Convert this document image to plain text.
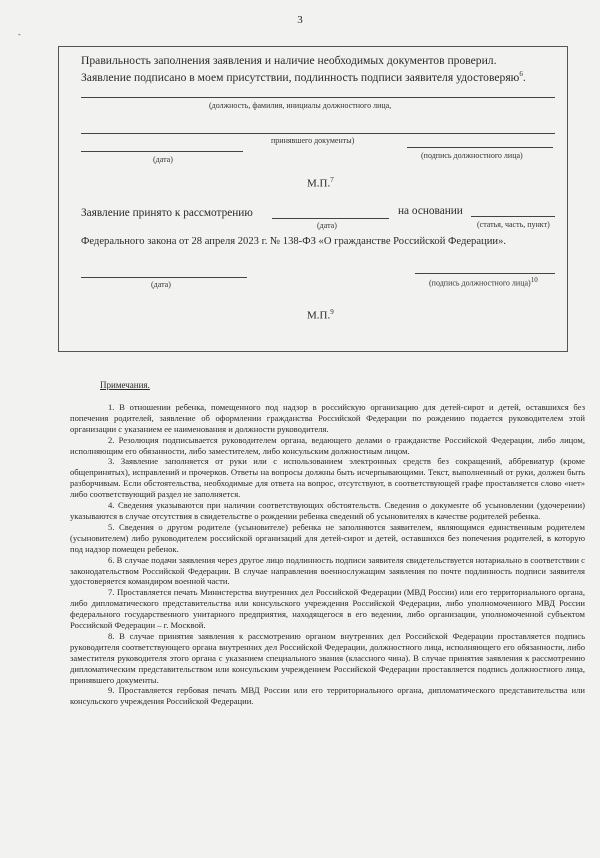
-
3
Правильность заполнения заявления и наличие необходимых документов проверил.
Заявление подписано в моем присутствии, подлинность подписи заявителя удостоверяю$^6$.
(должность, фамилия, инициалы должностного лица,
принявшего документы)
(дата)	(подпись должностного лица)
М.П.$^7$
Заявление принято к рассмотрению
(дата)
на основании
(статья, часть, пункт)
Федерального закона от 28 апреля 2023 г. № 138-ФЗ «О гражданстве Российской Федерации».
(дата)	(подпись должностного лица)10
М.П.$^9$
Примечания.

1. В отношении ребенка, помещенного под надзор в российскую организацию для детей-сирот и детей, оставшихся без попечения родителей, заявление об оформлении гражданства Российской Федерации по рождению подается руководителем этой организации с указанием ее наименования и должности руководителя.

2. Резолюция подписывается руководителем органа, ведающего делами о гражданстве Российской Федерации, либо лицом, исполняющим его обязанности, либо заместителем, либо консульским должностным лицом.

3. Заявление заполняется от руки или с использованием электронных средств без сокращений, аббревиатур (кроме общепринятых), исправлений и прочерков. Ответы на вопросы должны быть исчерпывающими. Текст, выполненный от руки, должен быть разборчивым. Если обстоятельства, необходимые для ответа на вопрос, отсутствуют, в соответствующей графе проставляется слово «нет» либо соответствующий раздел не заполняется.

4. Сведения указываются при наличии соответствующих обстоятельств. Сведения о документе об усыновлении (удочерении) указываются в случае отсутствия в свидетельстве о рождении ребенка сведений об усыновителях в качестве родителей ребенка.

5. Сведения о другом родителе (усыновителе) ребенка не заполняются заявителем, являющимся единственным родителем (усыновителем) либо руководителем российской организаций для детей-сирот и детей, оставшихся без попечения родителей, в которую под надзор помещен ребенок.

6. В случае подачи заявления через другое лицо подлинность подписи заявителя свидетельствуется нотариально в соответствии с законодательством Российской Федерации. В случае направления военнослужащим заявления по почте подлинность подписи заявителя удостоверяется командиром военной части.

7. Проставляется печать Министерства внутренних дел Российской Федерации (МВД России) или его территориального органа, либо дипломатического представительства или консульского учреждения Российской Федерации, либо уполномоченного МВД России федерального государственного унитарного предприятия, находящегося в его ведении, либо организации, уполномоченной субъектом Российской Федерации – г. Москвой.

8. В случае принятия заявления к рассмотрению органом внутренних дел Российской Федерации проставляется подпись руководителя соответствующего органа внутренних дел Российской Федерации, должностного лица, исполняющего его обязанности, либо заместителя руководителя этого органа с указанием специального звания (классного чина). В случае принятия заявления к рассмотрению дипломатическим представительством или консульским учреждением Российской Федерации проставляется подпись должностного лица, принявшего документы.

9. Проставляется гербовая печать МВД России или его территориального органа, дипломатического представительства или консульского учреждения Российской Федерации.
